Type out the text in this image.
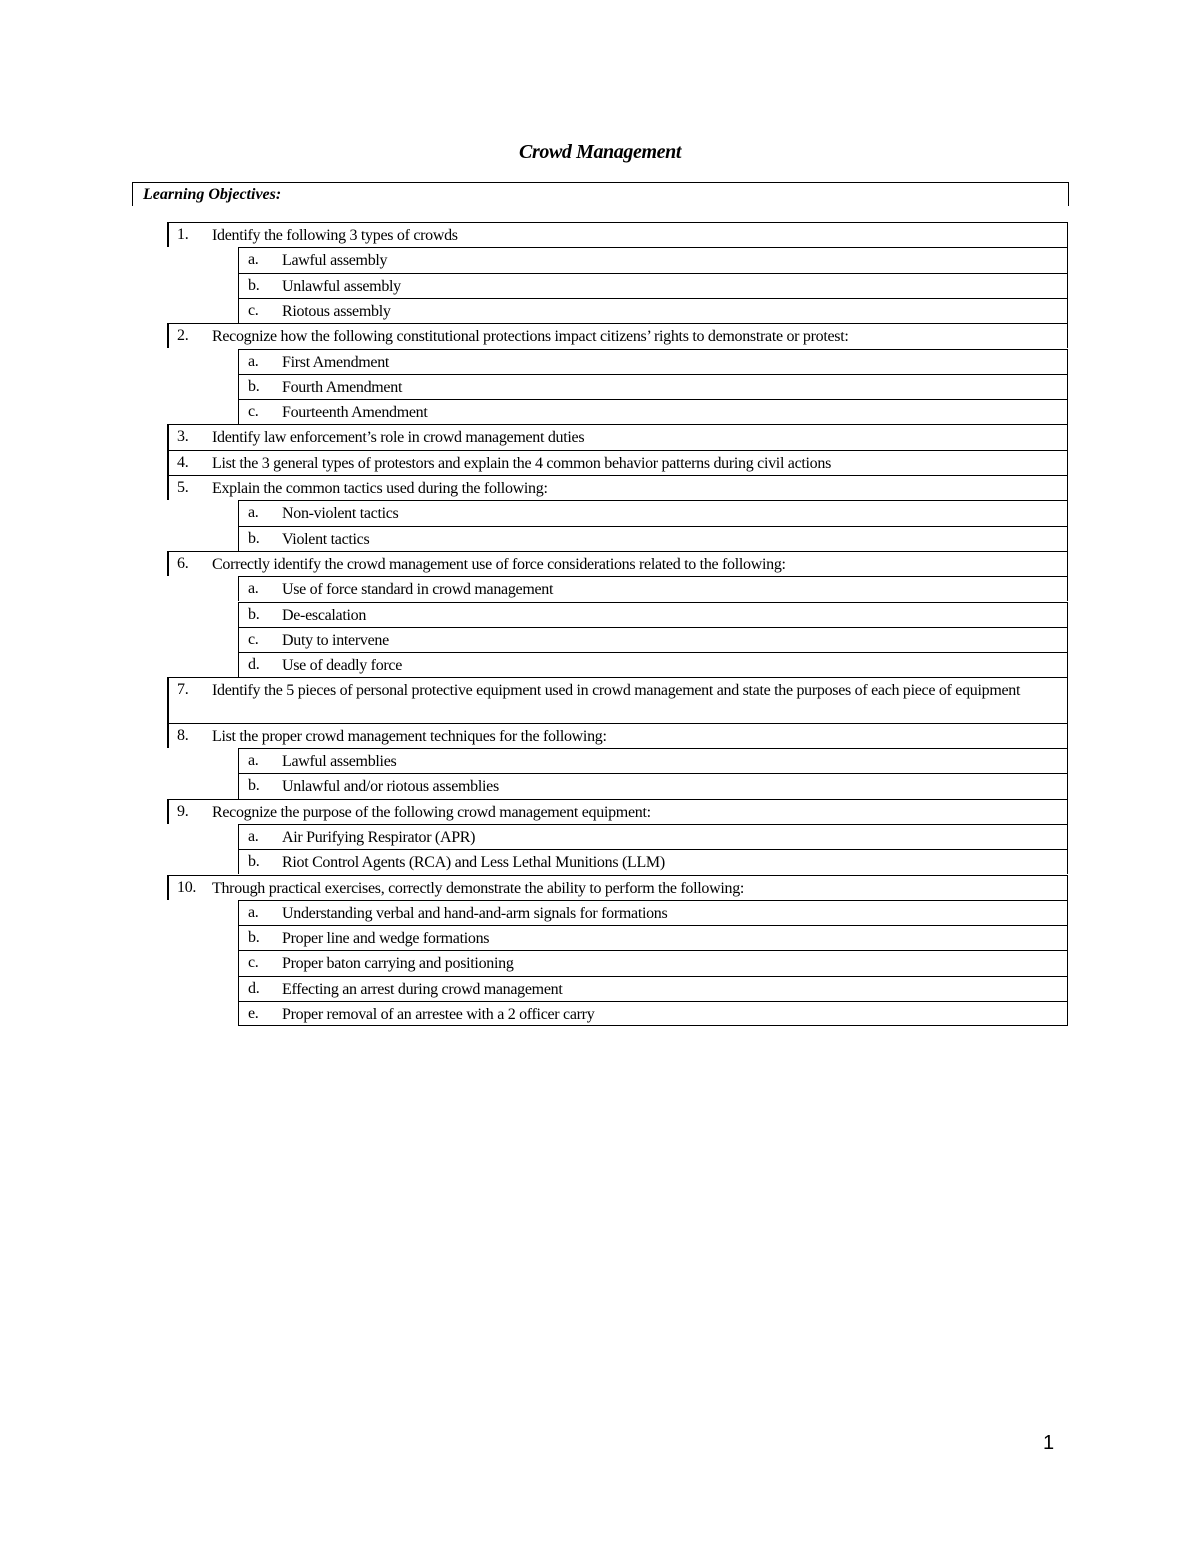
Crowd Management
Learning Objectives:
1. Identify the following 3 types of crowds
a. Lawful assembly
b. Unlawful assembly
c. Riotous assembly
2. Recognize how the following constitutional protections impact citizens’ rights to demonstrate or protest:
a. First Amendment
b. Fourth Amendment
c. Fourteenth Amendment
3. Identify law enforcement’s role in crowd management duties
4. List the 3 general types of protestors and explain the 4 common behavior patterns during civil actions
5. Explain the common tactics used during the following:
a. Non-violent tactics
b. Violent tactics
6. Correctly identify the crowd management use of force considerations related to the following:
a. Use of force standard in crowd management
b. De-escalation
c. Duty to intervene
d. Use of deadly force
7. Identify the 5 pieces of personal protective equipment used in crowd management and state the purposes of each piece of equipment
8. List the proper crowd management techniques for the following:
a. Lawful assemblies
b. Unlawful and/or riotous assemblies
9. Recognize the purpose of the following crowd management equipment:
a. Air Purifying Respirator (APR)
b. Riot Control Agents (RCA) and Less Lethal Munitions (LLM)
10. Through practical exercises, correctly demonstrate the ability to perform the following:
a. Understanding verbal and hand-and-arm signals for formations
b. Proper line and wedge formations
c. Proper baton carrying and positioning
d. Effecting an arrest during crowd management
e. Proper removal of an arrestee with a 2 officer carry
1
